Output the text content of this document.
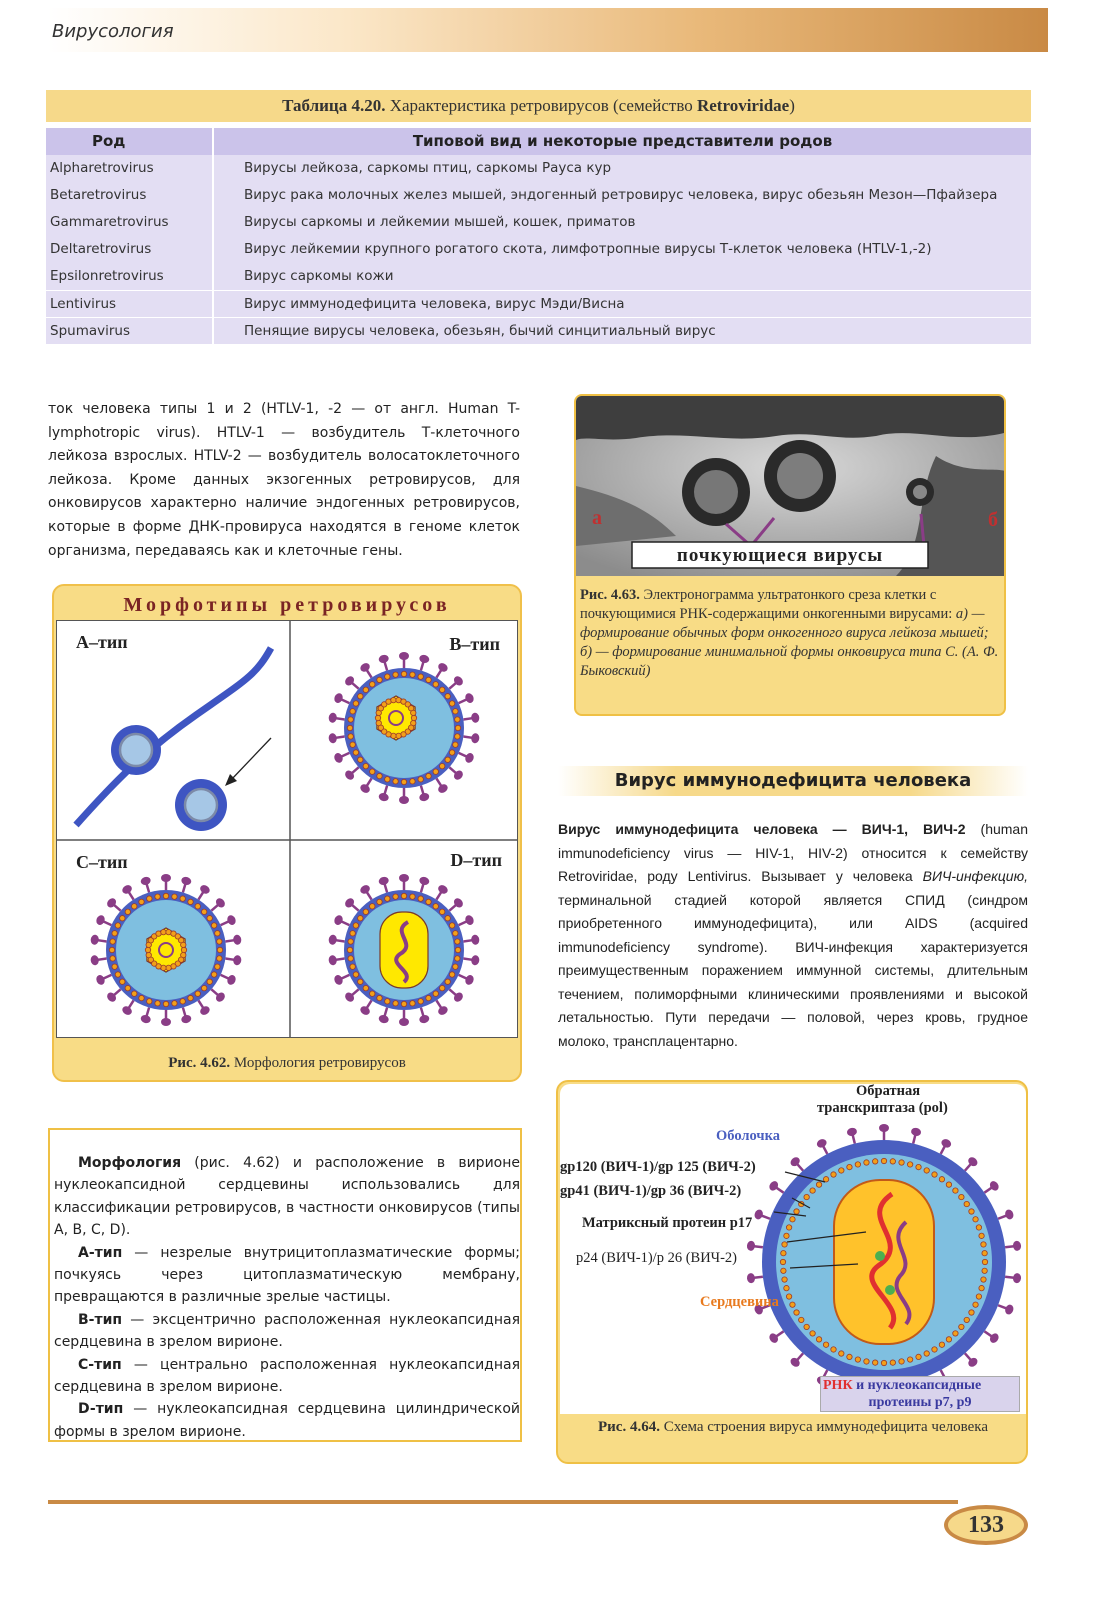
Вирусология
Таблица 4.20. Характеристика ретровирусов (семейство Retroviridae)
Род	Типовой вид и некоторые представители родов
Alpharetrovirus	Вирусы лейкоза, саркомы птиц, саркомы Рауса кур
Betaretrovirus	Вирус рака молочных желез мышей, эндогенный ретровирус человека, вирус обезьян Мезон—Пфайзера
Gammaretrovirus	Вирусы саркомы и лейкемии мышей, кошек, приматов
Deltaretrovirus	Вирус лейкемии крупного рогатого скота, лимфотропные вирусы Т-клеток человека (HTLV-1,-2)
Epsilonretrovirus	Вирус саркомы кожи
Lentivirus	Вирус иммунодефицита человека, вирус Мэди/Висна
Spumavirus	Пенящие вирусы человека, обезьян, бычий синцитиальный вирус

ток человека типы 1 и 2 (HTLV-1, -2 — от англ. Human T-lymphotropic virus). HTLV-1 — возбудитель Т-клеточного лейкоза взрослых. HTLV-2 — возбудитель волосатоклеточного лейкоза. Кроме данных экзогенных ретровирусов, для онковирусов характерно наличие эндогенных ретровирусов, которые в форме ДНК-провируса находятся в геноме клеток организма, передаваясь как и клеточные гены.

Морфотипы ретровирусов
А–тип	В–тип
С–тип	D–тип
Рис. 4.62. Морфология ретровирусов
а	б
почкующиеся вирусы
Рис. 4.63. Электронограмма ультратонкого среза клетки с почкующимися РНК-содержащими онкогенными вирусами: а) — формирование обычных форм онкогенного вируса лейкоза мышей; б) — формирование минимальной формы онковируса типа С. (А. Ф. Быковский)
Вирус иммунодефицита человека

Вирус иммунодефицита человека — ВИЧ-1, ВИЧ-2 (human immunodeficiency virus — HIV-1, HIV-2) относится к семейству Retroviridae, роду Lentivirus. Вызывает у человека ВИЧ-инфекцию, терминальной стадией которой является СПИД (синдром приобретенного иммунодефицита), или AIDS (acquired immunodeficiency syndrome). ВИЧ-инфекция характеризуется преимущественным поражением иммунной системы, длительным течением, полиморфными клиническими проявлениями и высокой летальностью. Пути передачи — половой, через кровь, грудное молоко, трансплацентарно.

Морфология (рис. 4.62) и расположение в вирионе нуклеокапсидной сердцевины использовались для классификации ретровирусов, в частности онковирусов (типы A, B, C, D).

А-тип — незрелые внутрицитоплазматические формы; почкуясь через цитоплазматическую мембрану, превращаются в различные зрелые частицы.

В-тип — эксцентрично расположенная нуклеокапсидная сердцевина в зрелом вирионе.

С-тип — центрально расположенная нуклеокапсидная сердцевина в зрелом вирионе.

D-тип — нуклеокапсидная сердцевина цилиндрической формы в зрелом вирионе.

Обратная
транскриптаза (pol)
Оболочка
gp120 (ВИЧ-1)/gp 125 (ВИЧ-2)
gp41 (ВИЧ-1)/gp 36 (ВИЧ-2)
Матриксный протеин p17
p24 (ВИЧ-1)/p 26 (ВИЧ-2)
Сердцевина
РНК и нуклеокапсидные
протеины p7, p9
Рис. 4.64. Схема строения вируса иммунодефицита человека
133
